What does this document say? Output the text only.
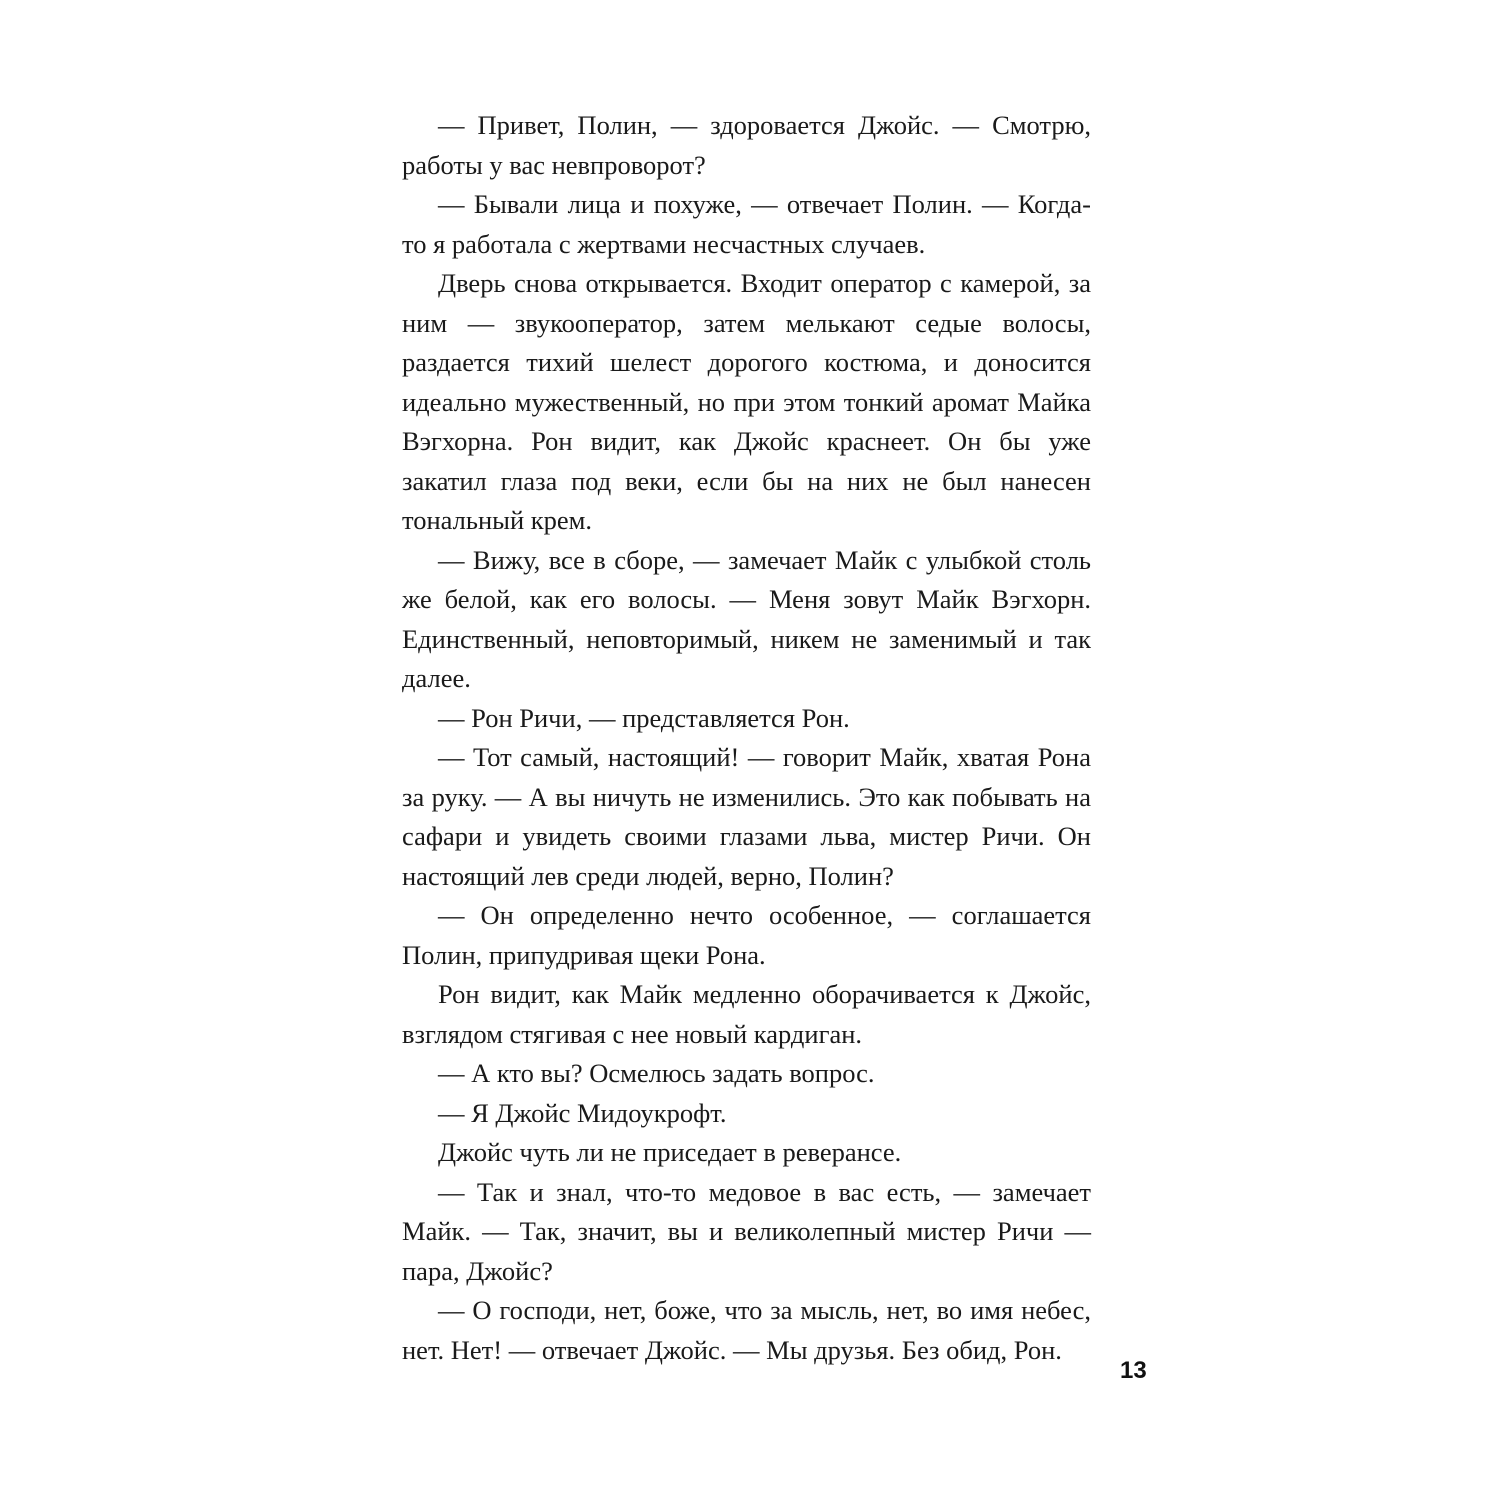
— Привет, Полин, — здоровается Джойс. — Смотрю, работы у вас невпроворот?

— Бывали лица и похуже, — отвечает Полин. — Когда-то я работала с жертвами несчастных случаев.

Дверь снова открывается. Входит оператор с камерой, за ним — звукооператор, затем мелькают седые волосы, раздается тихий шелест дорогого костюма, и доносится идеально мужественный, но при этом тонкий аромат Майка Вэгхорна. Рон видит, как Джойс краснеет. Он бы уже закатил глаза под веки, если бы на них не был нанесен тональный крем.

— Вижу, все в сборе, — замечает Майк с улыбкой столь же белой, как его волосы. — Меня зовут Майк Вэгхорн. Единственный, неповторимый, никем не заменимый и так далее.

— Рон Ричи, — представляется Рон.

— Тот самый, настоящий! — говорит Майк, хватая Рона за руку. — А вы ничуть не изменились. Это как побывать на сафари и увидеть своими глазами льва, мистер Ричи. Он настоящий лев среди людей, верно, Полин?

— Он определенно нечто особенное, — соглашается Полин, припудривая щеки Рона.

Рон видит, как Майк медленно оборачивается к Джойс, взглядом стягивая с нее новый кардиган.

— А кто вы? Осмелюсь задать вопрос.

— Я Джойс Мидоукрофт.

Джойс чуть ли не приседает в реверансе.

— Так и знал, что-то медовое в вас есть, — замечает Майк. — Так, значит, вы и великолепный мистер Ричи — пара, Джойс?

— О господи, нет, боже, что за мысль, нет, во имя небес, нет. Нет! — отвечает Джойс. — Мы друзья. Без обид, Рон.

13
